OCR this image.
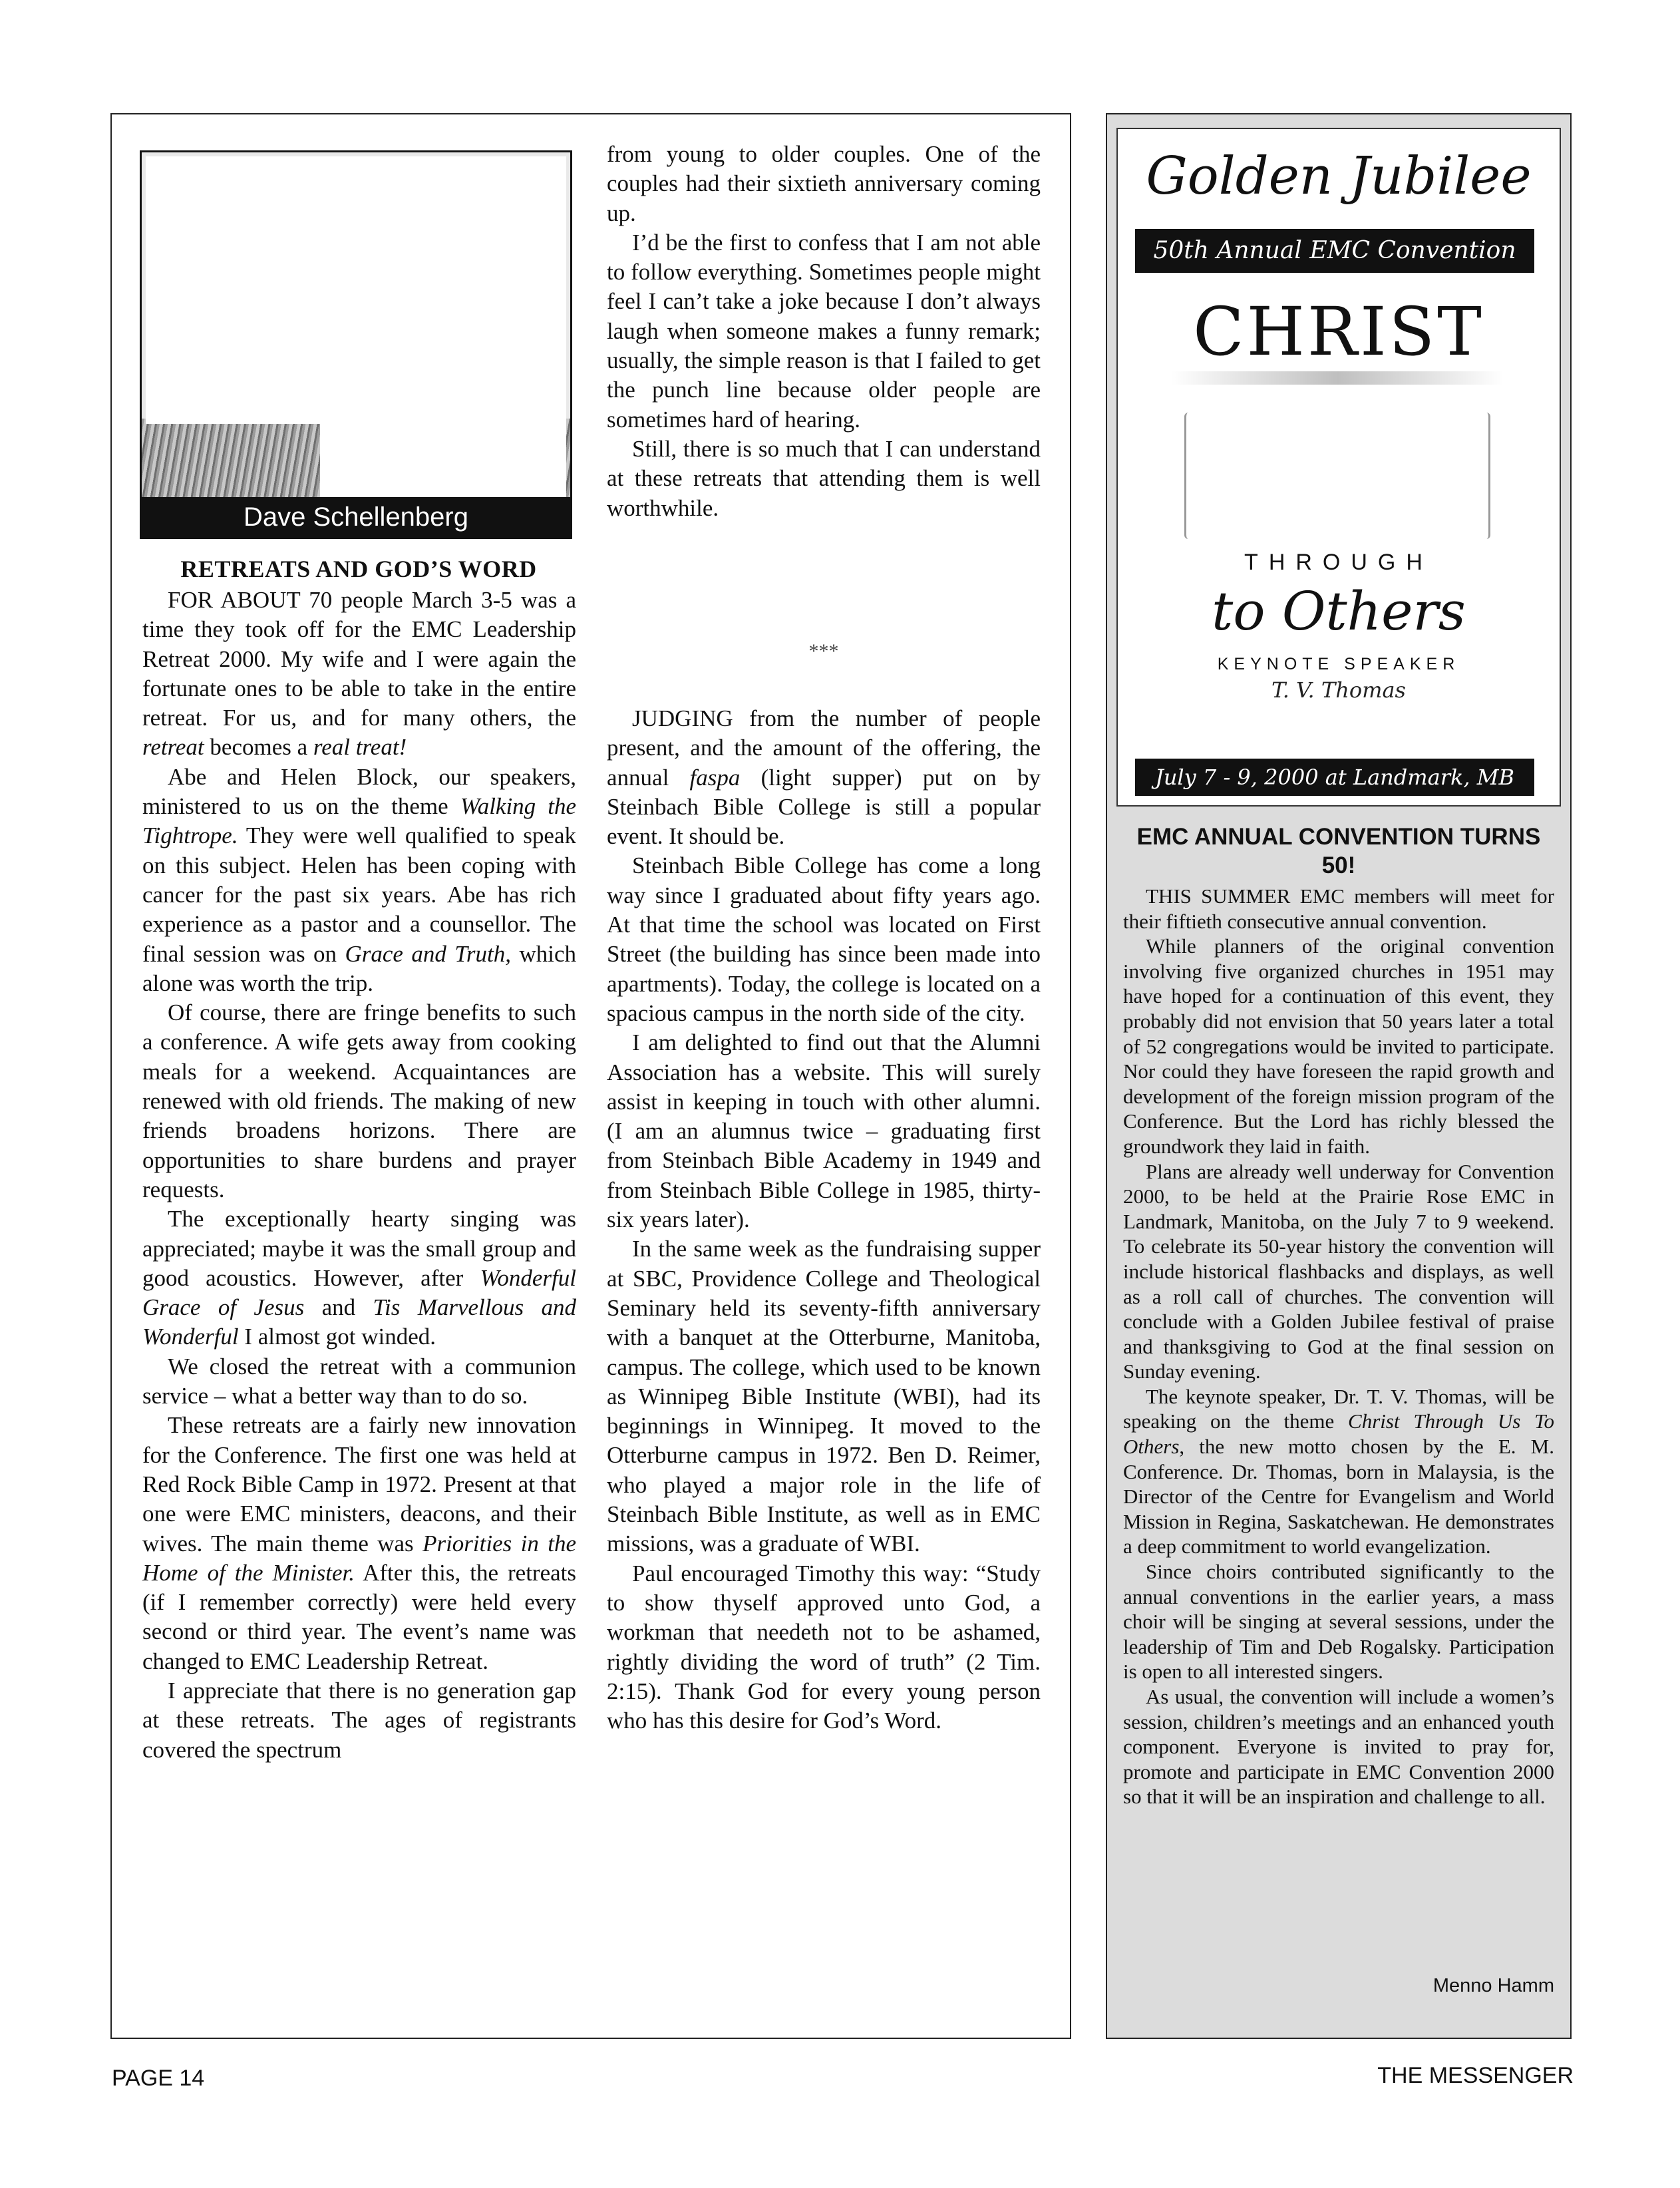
Dave Schellenberg
RETREATS AND GOD’S WORD

FOR ABOUT 70 people March 3-5 was a time they took off for the EMC Leadership Retreat 2000. My wife and I were again the fortunate ones to be able to take in the entire retreat. For us, and for many others, the retreat becomes a real treat!

Abe and Helen Block, our speakers, ministered to us on the theme Walking the Tightrope. They were well qualified to speak on this subject. Helen has been coping with cancer for the past six years. Abe has rich experience as a pastor and a counsellor. The final session was on Grace and Truth, which alone was worth the trip.

Of course, there are fringe benefits to such a conference. A wife gets away from cooking meals for a weekend. Acquaintances are renewed with old friends. The making of new friends broadens horizons. There are opportunities to share burdens and prayer requests.

The exceptionally hearty singing was appreciated; maybe it was the small group and good acoustics. However, after Wonderful Grace of Jesus and Tis Marvellous and Wonderful I almost got winded.

We closed the retreat with a communion service – what a better way than to do so.

These retreats are a fairly new innovation for the Conference. The first one was held at Red Rock Bible Camp in 1972. Present at that one were EMC ministers, deacons, and their wives. The main theme was Priorities in the Home of the Minister. After this, the retreats (if I remember correctly) were held every second or third year. The event’s name was changed to EMC Leadership Retreat.

I appreciate that there is no generation gap at these retreats. The ages of registrants covered the spectrum

from young to older couples. One of the couples had their sixtieth anniversary coming up.

I’d be the first to confess that I am not able to follow everything. Sometimes people might feel I can’t take a joke because I don’t always laugh when someone makes a funny remark; usually, the simple reason is that I failed to get the punch line because older people are sometimes hard of hearing.

Still, there is so much that I can understand at these retreats that attending them is well worthwhile.

***

JUDGING from the number of people present, and the amount of the offering, the annual faspa (light supper) put on by Steinbach Bible College is still a popular event. It should be.

Steinbach Bible College has come a long way since I graduated about fifty years ago. At that time the school was located on First Street (the building has since been made into apartments). Today, the college is located on a spacious campus in the north side of the city.

I am delighted to find out that the Alumni Association has a website. This will surely assist in keeping in touch with other alumni. (I am an alumnus twice – graduating first from Steinbach Bible Academy in 1949 and from Steinbach Bible College in 1985, thirty-six years later).

In the same week as the fundraising supper at SBC, Providence College and Theological Seminary held its seventy-fifth anniversary with a banquet at the Otterburne, Manitoba, campus. The college, which used to be known as Winnipeg Bible Institute (WBI), had its beginnings in Winnipeg. It moved to the Otterburne campus in 1972. Ben D. Reimer, who played a major role in the life of Steinbach Bible Institute, as well as in EMC missions, was a graduate of WBI.

Paul encouraged Timothy this way: “Study to show thyself approved unto God, a workman that needeth not to be ashamed, rightly dividing the word of truth” (2 Tim. 2:15). Thank God for every young person who has this desire for God’s Word.

Golden Jubilee
50th Annual EMC Convention
CHRIST
THROUGH
to Others
KEYNOTE SPEAKER
T. V. Thomas
July 7 - 9, 2000 at Landmark, MB
EMC ANNUAL CONVENTION TURNS 50!

THIS SUMMER EMC members will meet for their fiftieth consecutive annual convention.

While planners of the original convention involving five organized churches in 1951 may have hoped for a continuation of this event, they probably did not envision that 50 years later a total of 52 congregations would be invited to participate. Nor could they have foreseen the rapid growth and development of the foreign mission program of the Conference. But the Lord has richly blessed the groundwork they laid in faith.

Plans are already well underway for Convention 2000, to be held at the Prairie Rose EMC in Landmark, Manitoba, on the July 7 to 9 weekend. To celebrate its 50-year history the convention will include historical flashbacks and displays, as well as a roll call of churches. The convention will conclude with a Golden Jubilee festival of praise and thanksgiving to God at the final session on Sunday evening.

The keynote speaker, Dr. T. V. Thomas, will be speaking on the theme Christ Through Us To Others, the new motto chosen by the E. M. Conference. Dr. Thomas, born in Malaysia, is the Director of the Centre for Evangelism and World Mission in Regina, Saskatchewan. He demonstrates a deep commitment to world evangelization.

Since choirs contributed significantly to the annual conventions in the earlier years, a mass choir will be singing at several sessions, under the leadership of Tim and Deb Rogalsky. Participation is open to all interested singers.

As usual, the convention will include a women’s session, children’s meetings and an enhanced youth component. Everyone is invited to pray for, promote and participate in EMC Convention 2000 so that it will be an inspiration and challenge to all.

Menno Hamm
PAGE 14	THE MESSENGER
